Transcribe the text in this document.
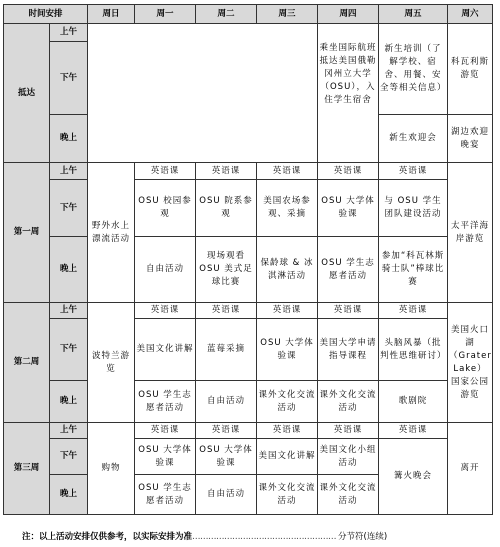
时间安排		周日	周一	周二	周三	周四	周五	周六
抵达	上午					乘坐国际航班抵达美国俄勒冈州立大学（OSU），入住学生宿舍	新生培训（了解学校、宿舍、用餐、安全等相关信息）	科瓦利斯游览
	下午							
	晚上						新生欢迎会	湖边欢迎晚宴
第一周	上午	野外水上漂流活动	英语课	英语课	英语课	英语课	英语课	太平洋海岸游览
	下午		OSU 校园参观	OSU 院系参观	美国农场参观、采摘	OSU 大学体验课	与 OSU 学生团队建设活动	
	晚上		自由活动	现场观看 OSU 美式足球比赛	保龄球 & 冰淇淋活动	OSU 学生志愿者活动	参加“科瓦林斯骑士队”棒球比赛	
第二周	上午	波特兰游览	英语课	英语课	英语课	英语课	英语课	美国火口湖（Grater Lake）国家公园游览
	下午		美国文化讲解	蓝莓采摘	OSU 大学体验课	美国大学申请指导课程	头脑风暴（批判性思维研讨）	
	晚上		OSU 学生志愿者活动	自由活动	课外文化交流活动	课外文化交流活动	歌剧院	
第三周	上午	购物	英语课	英语课	英语课	英语课	英语课	离开
	下午		OSU 大学体验课	OSU 大学体验课	美国文化讲解	美国文化小组活动	篝火晚会	
	晚上		OSU 学生志愿者活动	自由活动	课外文化交流活动	课外文化交流活动		
注：以上活动安排仅供参考，以实际安排为准……………………………………………… 分节符(连续)
